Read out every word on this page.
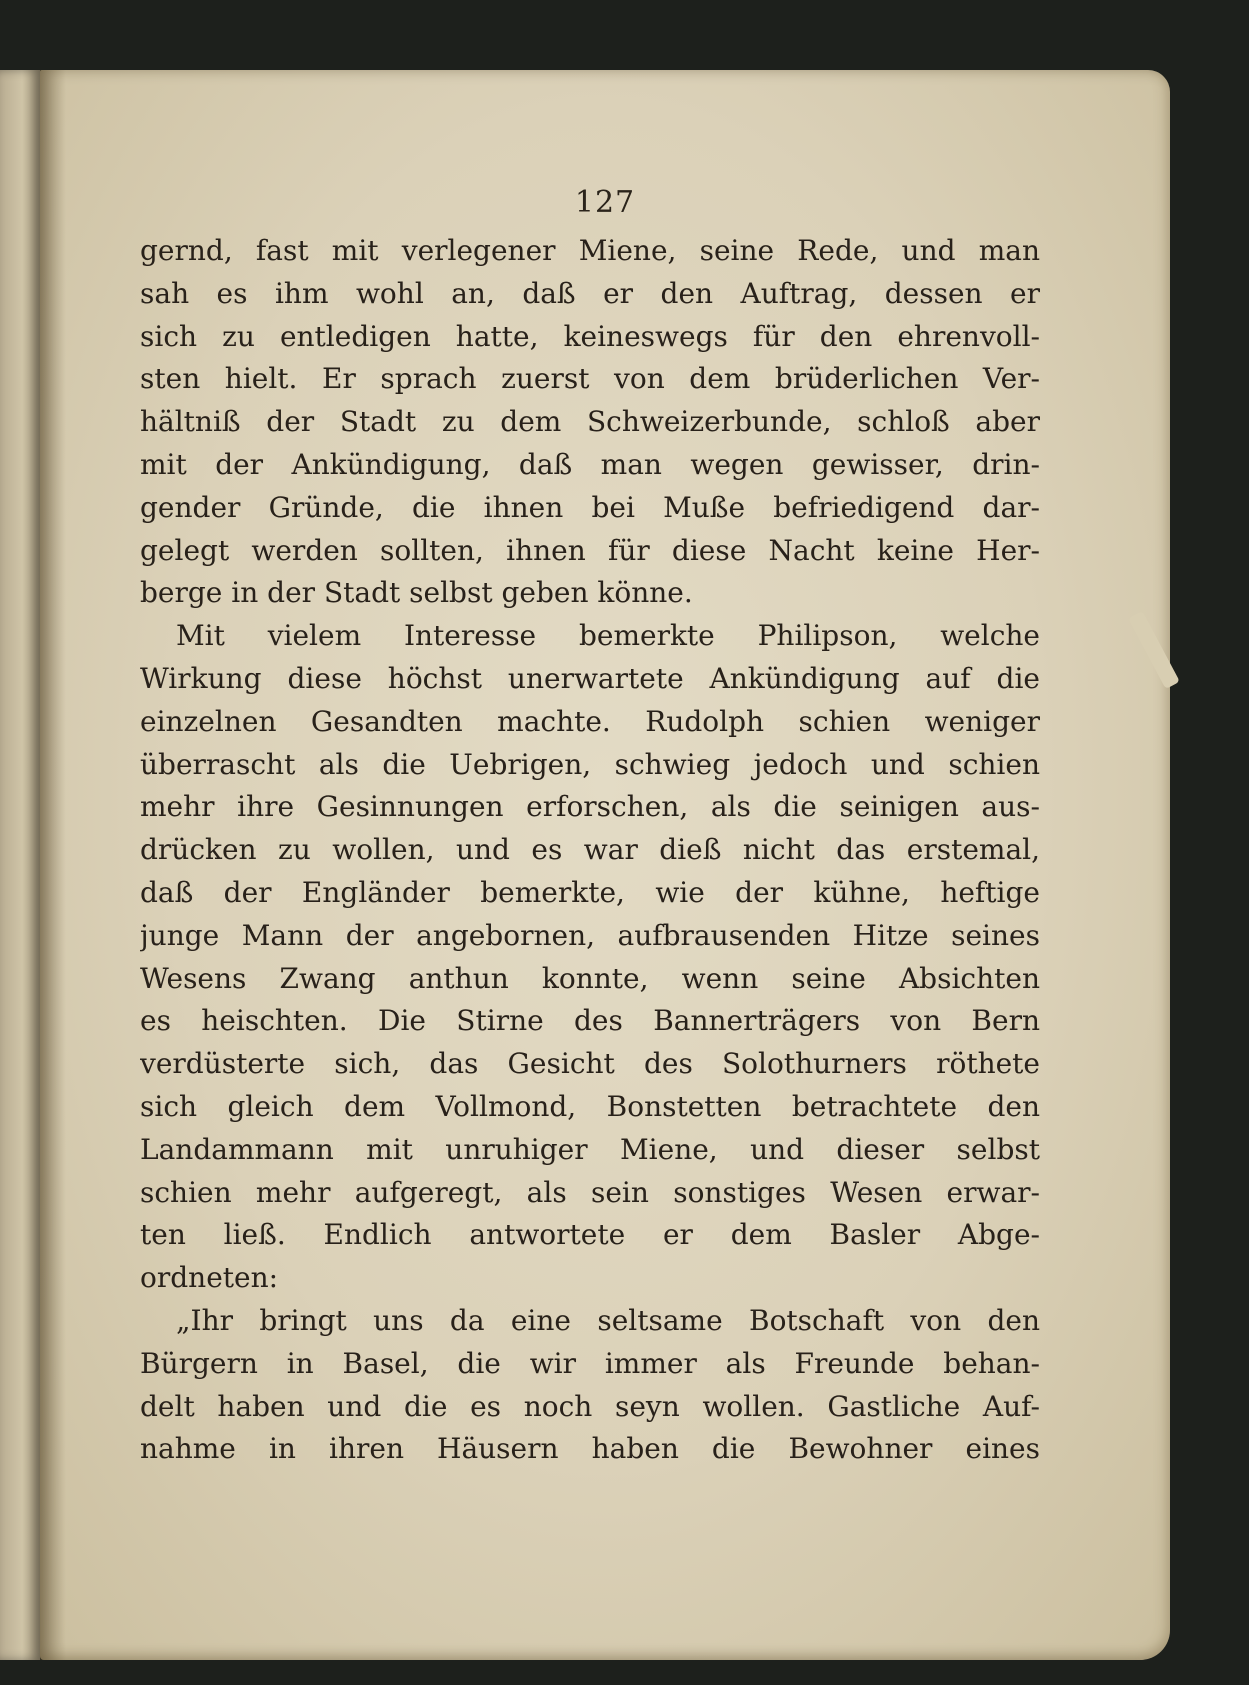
127
gernd, fast mit verlegener Miene, seine Rede, und man
sah es ihm wohl an, daß er den Auftrag, dessen er
sich zu entledigen hatte, keineswegs für den ehrenvoll-
sten hielt. Er sprach zuerst von dem brüderlichen Ver-
hältniß der Stadt zu dem Schweizerbunde, schloß aber
mit der Ankündigung, daß man wegen gewisser, drin-
gender Gründe, die ihnen bei Muße befriedigend dar-
gelegt werden sollten, ihnen für diese Nacht keine Her-
berge in der Stadt selbst geben könne.
Mit vielem Interesse bemerkte Philipson, welche
Wirkung diese höchst unerwartete Ankündigung auf die
einzelnen Gesandten machte. Rudolph schien weniger
überrascht als die Uebrigen, schwieg jedoch und schien
mehr ihre Gesinnungen erforschen, als die seinigen aus-
drücken zu wollen, und es war dieß nicht das erstemal,
daß der Engländer bemerkte, wie der kühne, heftige
junge Mann der angebornen, aufbrausenden Hitze seines
Wesens Zwang anthun konnte, wenn seine Absichten
es heischten. Die Stirne des Bannerträgers von Bern
verdüsterte sich, das Gesicht des Solothurners röthete
sich gleich dem Vollmond, Bonstetten betrachtete den
Landammann mit unruhiger Miene, und dieser selbst
schien mehr aufgeregt, als sein sonstiges Wesen erwar-
ten ließ. Endlich antwortete er dem Basler Abge-
ordneten:
„Ihr bringt uns da eine seltsame Botschaft von den
Bürgern in Basel, die wir immer als Freunde behan-
delt haben und die es noch seyn wollen. Gastliche Auf-
nahme in ihren Häusern haben die Bewohner eines
